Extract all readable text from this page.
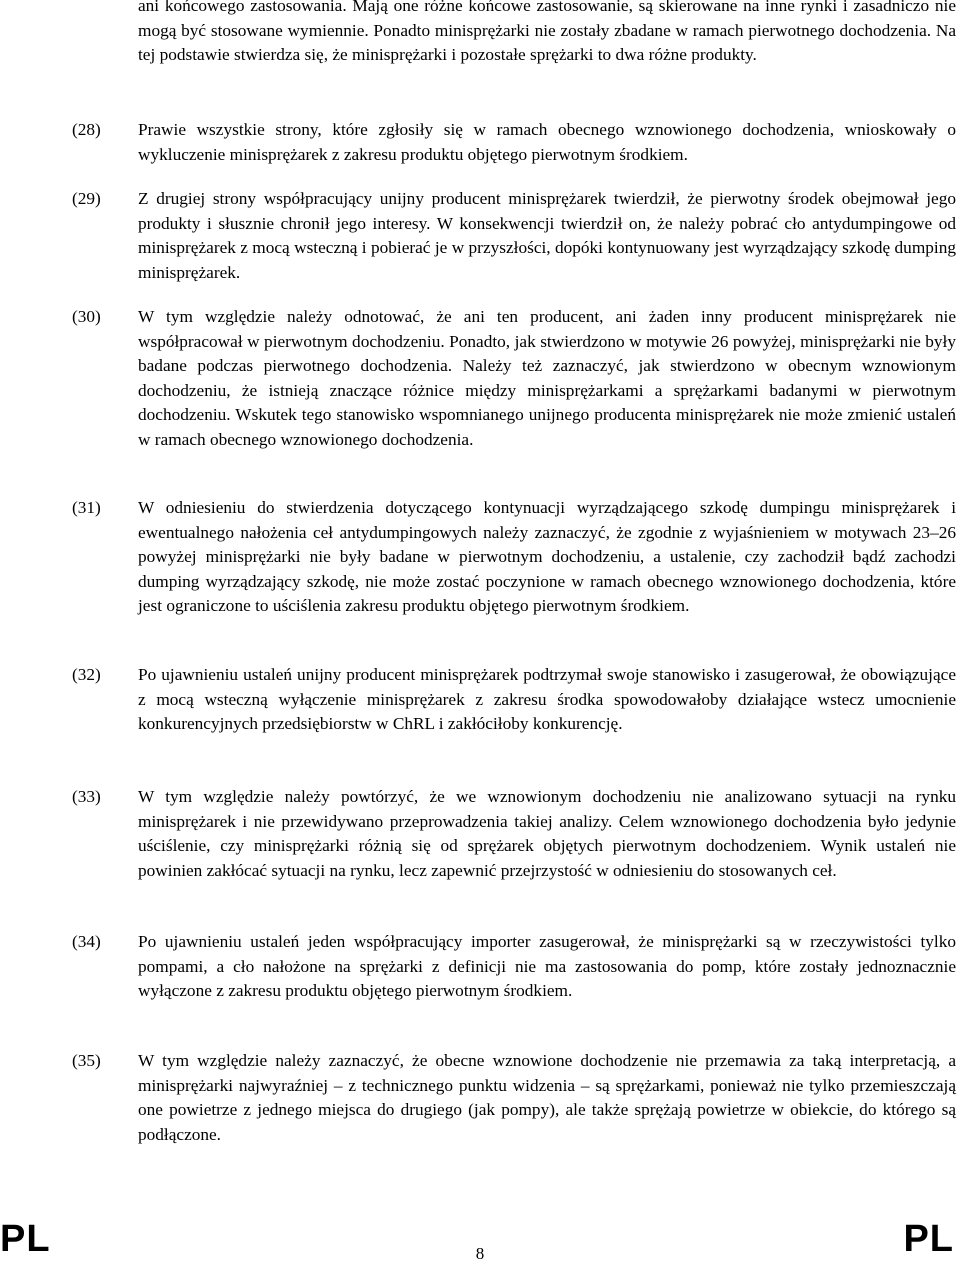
ani końcowego zastosowania. Mają one różne końcowe zastosowanie, są skierowane na inne rynki i zasadniczo nie mogą być stosowane wymiennie. Ponadto minisprężarki nie zostały zbadane w ramach pierwotnego dochodzenia. Na tej podstawie stwierdza się, że minisprężarki i pozostałe sprężarki to dwa różne produkty.

(28)	Prawie wszystkie strony, które zgłosiły się w ramach obecnego wznowionego dochodzenia, wnioskowały o wykluczenie minisprężarek z zakresu produktu objętego pierwotnym środkiem.

(29)	Z drugiej strony współpracujący unijny producent minisprężarek twierdził, że pierwotny środek obejmował jego produkty i słusznie chronił jego interesy. W konsekwencji twierdził on, że należy pobrać cło antydumpingowe od minisprężarek z mocą wsteczną i pobierać je w przyszłości, dopóki kontynuowany jest wyrządzający szkodę dumping minisprężarek.

(30)	W tym względzie należy odnotować, że ani ten producent, ani żaden inny producent minisprężarek nie współpracował w pierwotnym dochodzeniu. Ponadto, jak stwierdzono w motywie 26 powyżej, minisprężarki nie były badane podczas pierwotnego dochodzenia. Należy też zaznaczyć, jak stwierdzono w obecnym wznowionym dochodzeniu, że istnieją znaczące różnice między minisprężarkami a sprężarkami badanymi w pierwotnym dochodzeniu. Wskutek tego stanowisko wspomnianego unijnego producenta minisprężarek nie może zmienić ustaleń w ramach obecnego wznowionego dochodzenia.

(31)	W odniesieniu do stwierdzenia dotyczącego kontynuacji wyrządzającego szkodę dumpingu minisprężarek i ewentualnego nałożenia ceł antydumpingowych należy zaznaczyć, że zgodnie z wyjaśnieniem w motywach 23–26 powyżej minisprężarki nie były badane w pierwotnym dochodzeniu, a ustalenie, czy zachodził bądź zachodzi dumping wyrządzający szkodę, nie może zostać poczynione w ramach obecnego wznowionego dochodzenia, które jest ograniczone to uściślenia zakresu produktu objętego pierwotnym środkiem.

(32)	Po ujawnieniu ustaleń unijny producent minisprężarek podtrzymał swoje stanowisko i zasugerował, że obowiązujące z mocą wsteczną wyłączenie minisprężarek z zakresu środka spowodowałoby działające wstecz umocnienie konkurencyjnych przedsiębiorstw w ChRL i zakłóciłoby konkurencję.

(33)	W tym względzie należy powtórzyć, że we wznowionym dochodzeniu nie analizowano sytuacji na rynku minisprężarek i nie przewidywano przeprowadzenia takiej analizy. Celem wznowionego dochodzenia było jedynie uściślenie, czy minisprężarki różnią się od sprężarek objętych pierwotnym dochodzeniem. Wynik ustaleń nie powinien zakłócać sytuacji na rynku, lecz zapewnić przejrzystość w odniesieniu do stosowanych ceł.

(34)	Po ujawnieniu ustaleń jeden współpracujący importer zasugerował, że minisprężarki są w rzeczywistości tylko pompami, a cło nałożone na sprężarki z definicji nie ma zastosowania do pomp, które zostały jednoznacznie wyłączone z zakresu produktu objętego pierwotnym środkiem.

(35)	W tym względzie należy zaznaczyć, że obecne wznowione dochodzenie nie przemawia za taką interpretacją, a minisprężarki najwyraźniej – z technicznego punktu widzenia – są sprężarkami, ponieważ nie tylko przemieszczają one powietrze z jednego miejsca do drugiego (jak pompy), ale także sprężają powietrze w obiekcie, do którego są podłączone.

PL	8	PL
